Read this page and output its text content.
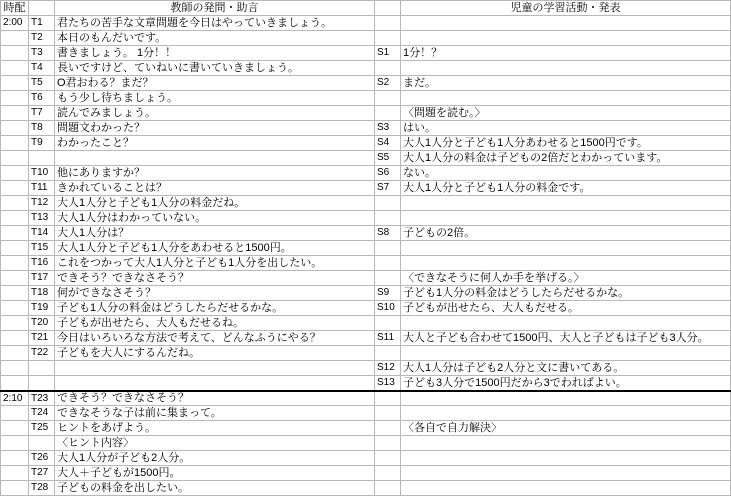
時配		教師の発問・助言		児童の学習活動・発表
2:00	T1	君たちの苦手な文章問題を今日はやっていきましょう。		
	T2	本日のもんだいです。		
	T3	書きましょう。 1分！！	S1	1分！？
	T4	長いですけど、ていねいに書いていきましょう。		
	T5	O君おわる？まだ？	S2	まだ。
	T6	もう少し待ちましょう。		
	T7	読んでみましょう。		〈問題を読む。〉
	T8	問題文わかった？	S3	はい。
	T9	わかったこと？	S4	大人1人分と子ども1人分あわせると1500円です。
			S5	大人1人分の料金は子どもの2倍だとわかっています。
	T10	他にありますか？	S6	ない。
	T11	きかれていることは？	S7	大人1人分と子ども1人分の料金です。
	T12	大人1人分と子ども1人分の料金だね。		
	T13	大人1人分はわかっていない。		
	T14	大人1人分は？	S8	子どもの2倍。
	T15	大人1人分と子ども1人分をあわせると1500円。		
	T16	これをつかって大人1人分と子ども1人分を出したい。		
	T17	できそう？できなさそう？		〈できなそうに何人か手を挙げる。〉
	T18	何ができなさそう？	S9	子ども1人分の料金はどうしたらだせるかな。
	T19	子ども1人分の料金はどうしたらだせるかな。	S10	子どもが出せたら、大人もだせる。
	T20	子どもが出せたら、大人もだせるね。		
	T21	今日はいろいろな方法で考えて、どんなふうにやる？	S11	大人と子ども合わせて1500円、大人と子どもは子ども3人分。
	T22	子どもを大人にするんだね。		
			S12	大人1人分は子ども2人分と文に書いてある。
			S13	子ども3人分で1500円だから3でわればよい。
2:10	T23	できそう？できなさそう？		
	T24	できなそうな子は前に集まって。		
	T25	ヒントをあげよう。		〈各自で自力解決〉
		〈ヒント内容〉		
	T26	大人1人分が子ども2人分。		
	T27	大人＋子どもが1500円。		
	T28	子どもの料金を出したい。		
